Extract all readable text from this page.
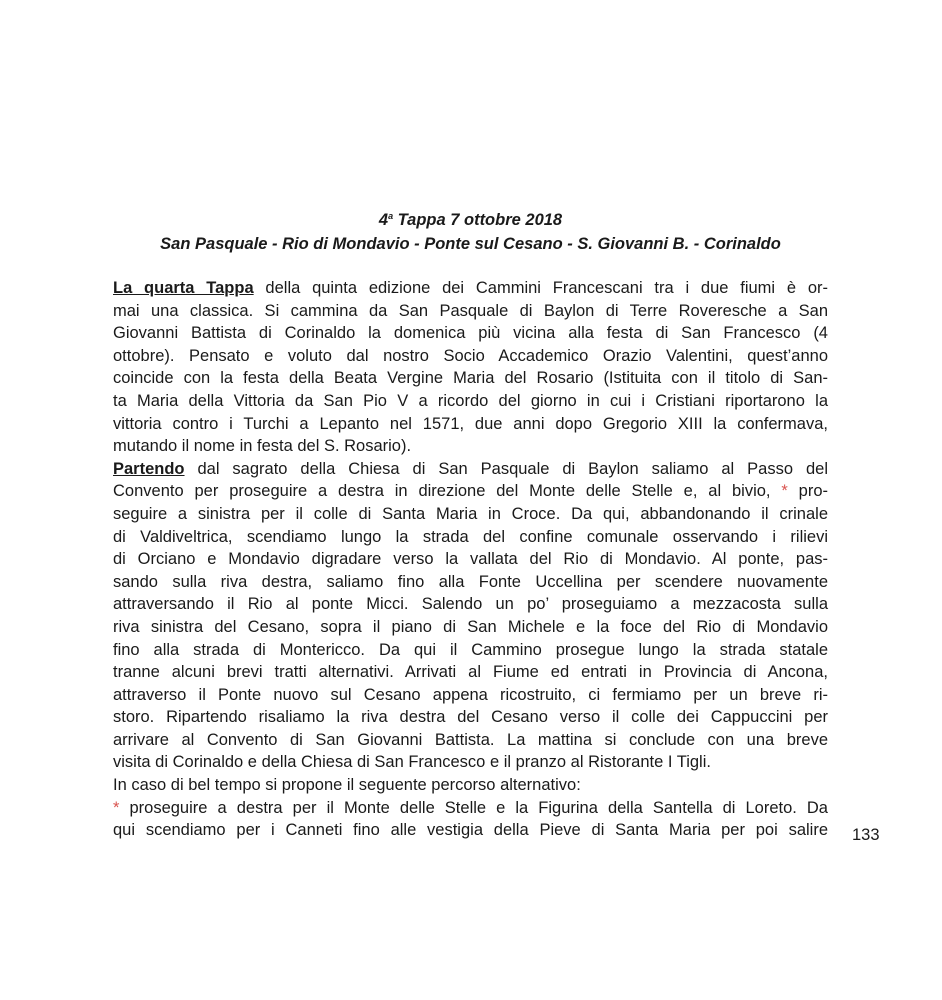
4$^a$ Tappa 7 ottobre 2018
San Pasquale - Rio di Mondavio - Ponte sul Cesano - S. Giovanni B. - Corinaldo
La quarta Tappa della quinta edizione dei Cammini Francescani tra i due fiumi è or-
mai una classica. Si cammina da San Pasquale di Baylon di Terre Roveresche a San
Giovanni Battista di Corinaldo la domenica più vicina alla festa di San Francesco (4
ottobre). Pensato e voluto dal nostro Socio Accademico Orazio Valentini, quest’anno
coincide con la festa della Beata Vergine Maria del Rosario (Istituita con il titolo di San-
ta Maria della Vittoria da San Pio V a ricordo del giorno in cui i Cristiani riportarono la
vittoria contro i Turchi a Lepanto nel 1571, due anni dopo Gregorio XIII la confermava,
mutando il nome in festa del S. Rosario).
Partendo dal sagrato della Chiesa di San Pasquale di Baylon saliamo al Passo del
Convento per proseguire a destra in direzione del Monte delle Stelle e, al bivio, * pro-
seguire a sinistra per il colle di Santa Maria in Croce. Da qui, abbandonando il crinale
di Valdiveltrica, scendiamo lungo la strada del confine comunale osservando i rilievi
di Orciano e Mondavio digradare verso la vallata del Rio di Mondavio. Al ponte, pas-
sando sulla riva destra, saliamo fino alla Fonte Uccellina per scendere nuovamente
attraversando il Rio al ponte Micci. Salendo un po’ proseguiamo a mezzacosta sulla
riva sinistra del Cesano, sopra il piano di San Michele e la foce del Rio di Mondavio
fino alla strada di Montericco. Da qui il Cammino prosegue lungo la strada statale
tranne alcuni brevi tratti alternativi. Arrivati al Fiume ed entrati in Provincia di Ancona,
attraverso il Ponte nuovo sul Cesano appena ricostruito, ci fermiamo per un breve ri-
storo. Ripartendo risaliamo la riva destra del Cesano verso il colle dei Cappuccini per
arrivare al Convento di San Giovanni Battista. La mattina si conclude con una breve
visita di Corinaldo e della Chiesa di San Francesco e il pranzo al Ristorante I Tigli.
In caso di bel tempo si propone il seguente percorso alternativo:
* proseguire a destra per il Monte delle Stelle e la Figurina della Santella di Loreto. Da
qui scendiamo per i Canneti fino alle vestigia della Pieve di Santa Maria per poi salire 133
